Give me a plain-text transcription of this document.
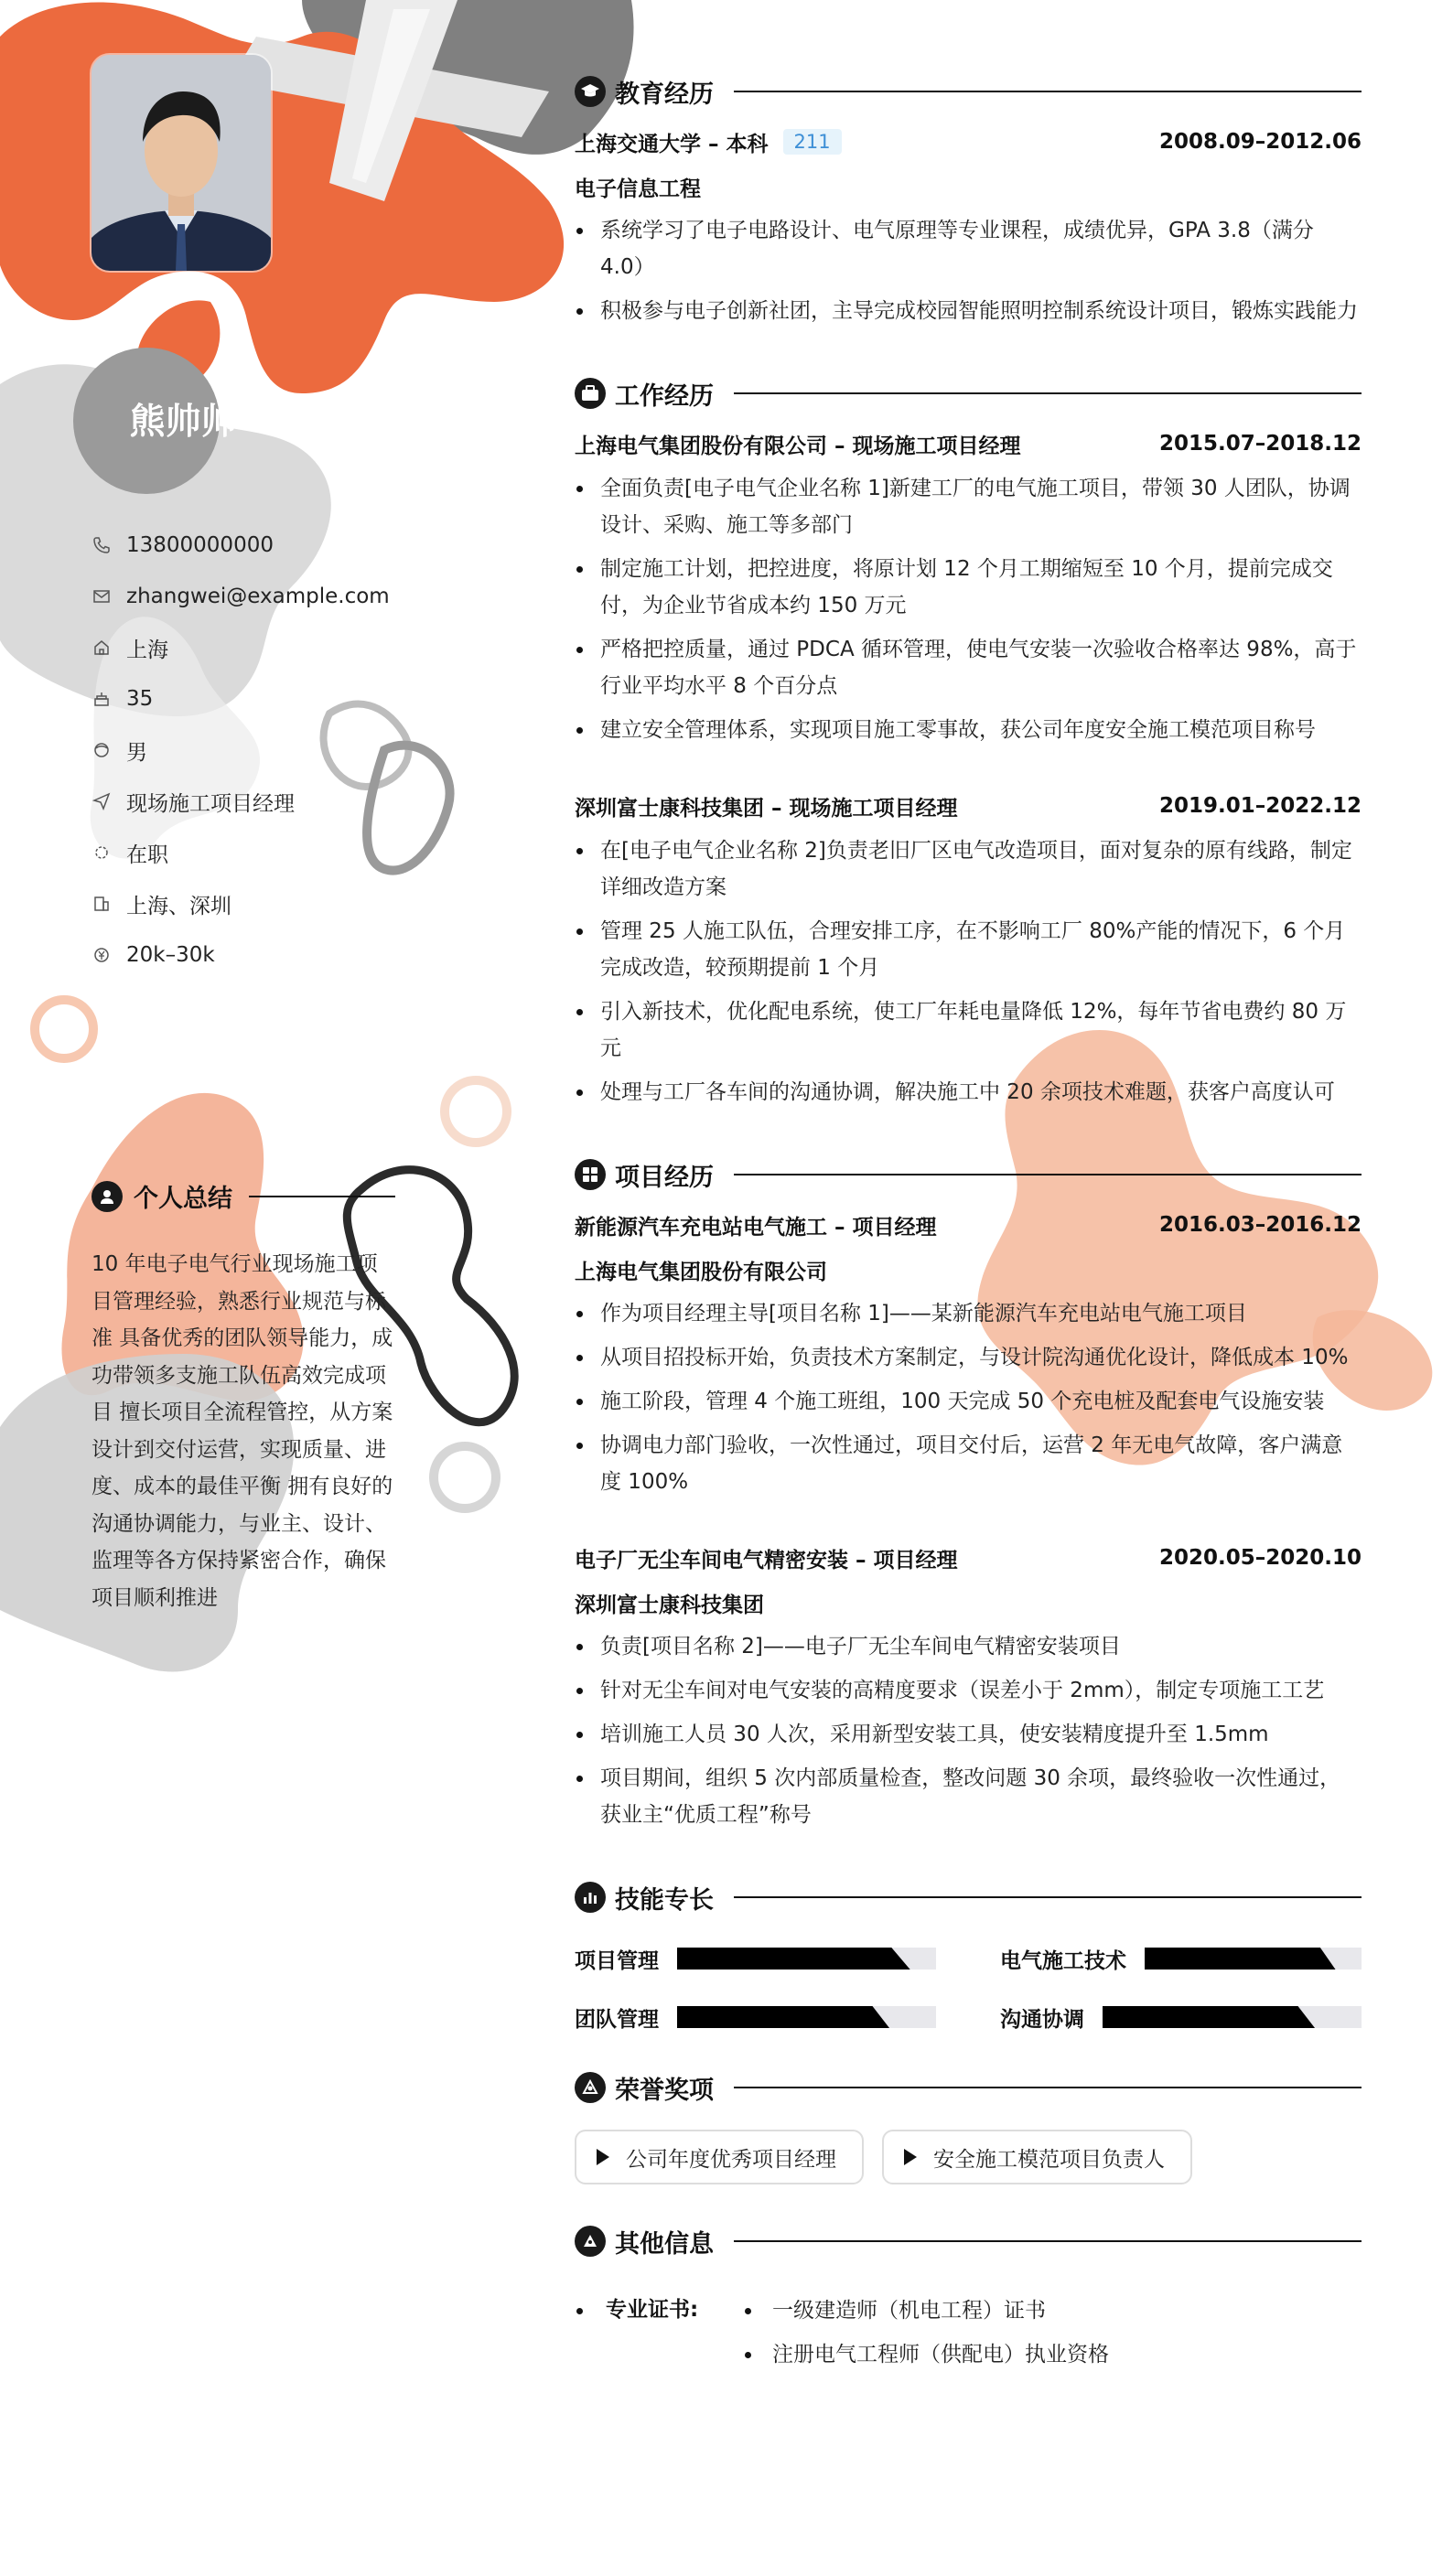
熊帅帅
13800000000
zhangwei@example.com
上海
35
男
现场施工项目经理
在职
上海、深圳
20k–30k
个人总结
10 年电子电气行业现场施工项目管理经验，熟悉行业规范与标准 具备优秀的团队领导能力，成功带领多支施工队伍高效完成项目 擅长项目全流程管控，从方案设计到交付运营，实现质量、进度、成本的最佳平衡 拥有良好的沟通协调能力，与业主、设计、监理等各方保持紧密合作，确保项目顺利推进
教育经历
上海交通大学 – 本科	211	2008.09–2012.06
电子信息工程
系统学习了电子电路设计、电气原理等专业课程，成绩优异，GPA 3.8（满分 4.0）
积极参与电子创新社团，主导完成校园智能照明控制系统设计项目，锻炼实践能力
工作经历
上海电气集团股份有限公司 – 现场施工项目经理	2015.07–2018.12
全面负责[电子电气企业名称 1]新建工厂的电气施工项目，带领 30 人团队，协调设计、采购、施工等多部门
制定施工计划，把控进度，将原计划 12 个月工期缩短至 10 个月，提前完成交付，为企业节省成本约 150 万元
严格把控质量，通过 PDCA 循环管理，使电气安装一次验收合格率达 98%，高于行业平均水平 8 个百分点
建立安全管理体系，实现项目施工零事故，获公司年度安全施工模范项目称号
深圳富士康科技集团 – 现场施工项目经理	2019.01–2022.12
在[电子电气企业名称 2]负责老旧厂区电气改造项目，面对复杂的原有线路，制定详细改造方案
管理 25 人施工队伍，合理安排工序，在不影响工厂 80%产能的情况下，6 个月完成改造，较预期提前 1 个月
引入新技术，优化配电系统，使工厂年耗电量降低 12%，每年节省电费约 80 万元
处理与工厂各车间的沟通协调，解决施工中 20 余项技术难题，获客户高度认可
项目经历
新能源汽车充电站电气施工 – 项目经理	2016.03–2016.12
上海电气集团股份有限公司
作为项目经理主导[项目名称 1]——某新能源汽车充电站电气施工项目
从项目招投标开始，负责技术方案制定，与设计院沟通优化设计，降低成本 10%
施工阶段，管理 4 个施工班组，100 天完成 50 个充电桩及配套电气设施安装
协调电力部门验收，一次性通过，项目交付后，运营 2 年无电气故障，客户满意度 100%
电子厂无尘车间电气精密安装 – 项目经理	2020.05–2020.10
深圳富士康科技集团
负责[项目名称 2]——电子厂无尘车间电气精密安装项目
针对无尘车间对电气安装的高精度要求（误差小于 2mm），制定专项施工工艺
培训施工人员 30 人次，采用新型安装工具，使安装精度提升至 1.5mm
项目期间，组织 5 次内部质量检查，整改问题 30 余项，最终验收一次性通过，获业主“优质工程”称号
技能专长
项目管理	电气施工技术
团队管理	沟通协调
荣誉奖项
公司年度优秀项目经理	安全施工模范项目负责人
其他信息
专业证书:	一级建造师（机电工程）证书
注册电气工程师（供配电）执业资格
